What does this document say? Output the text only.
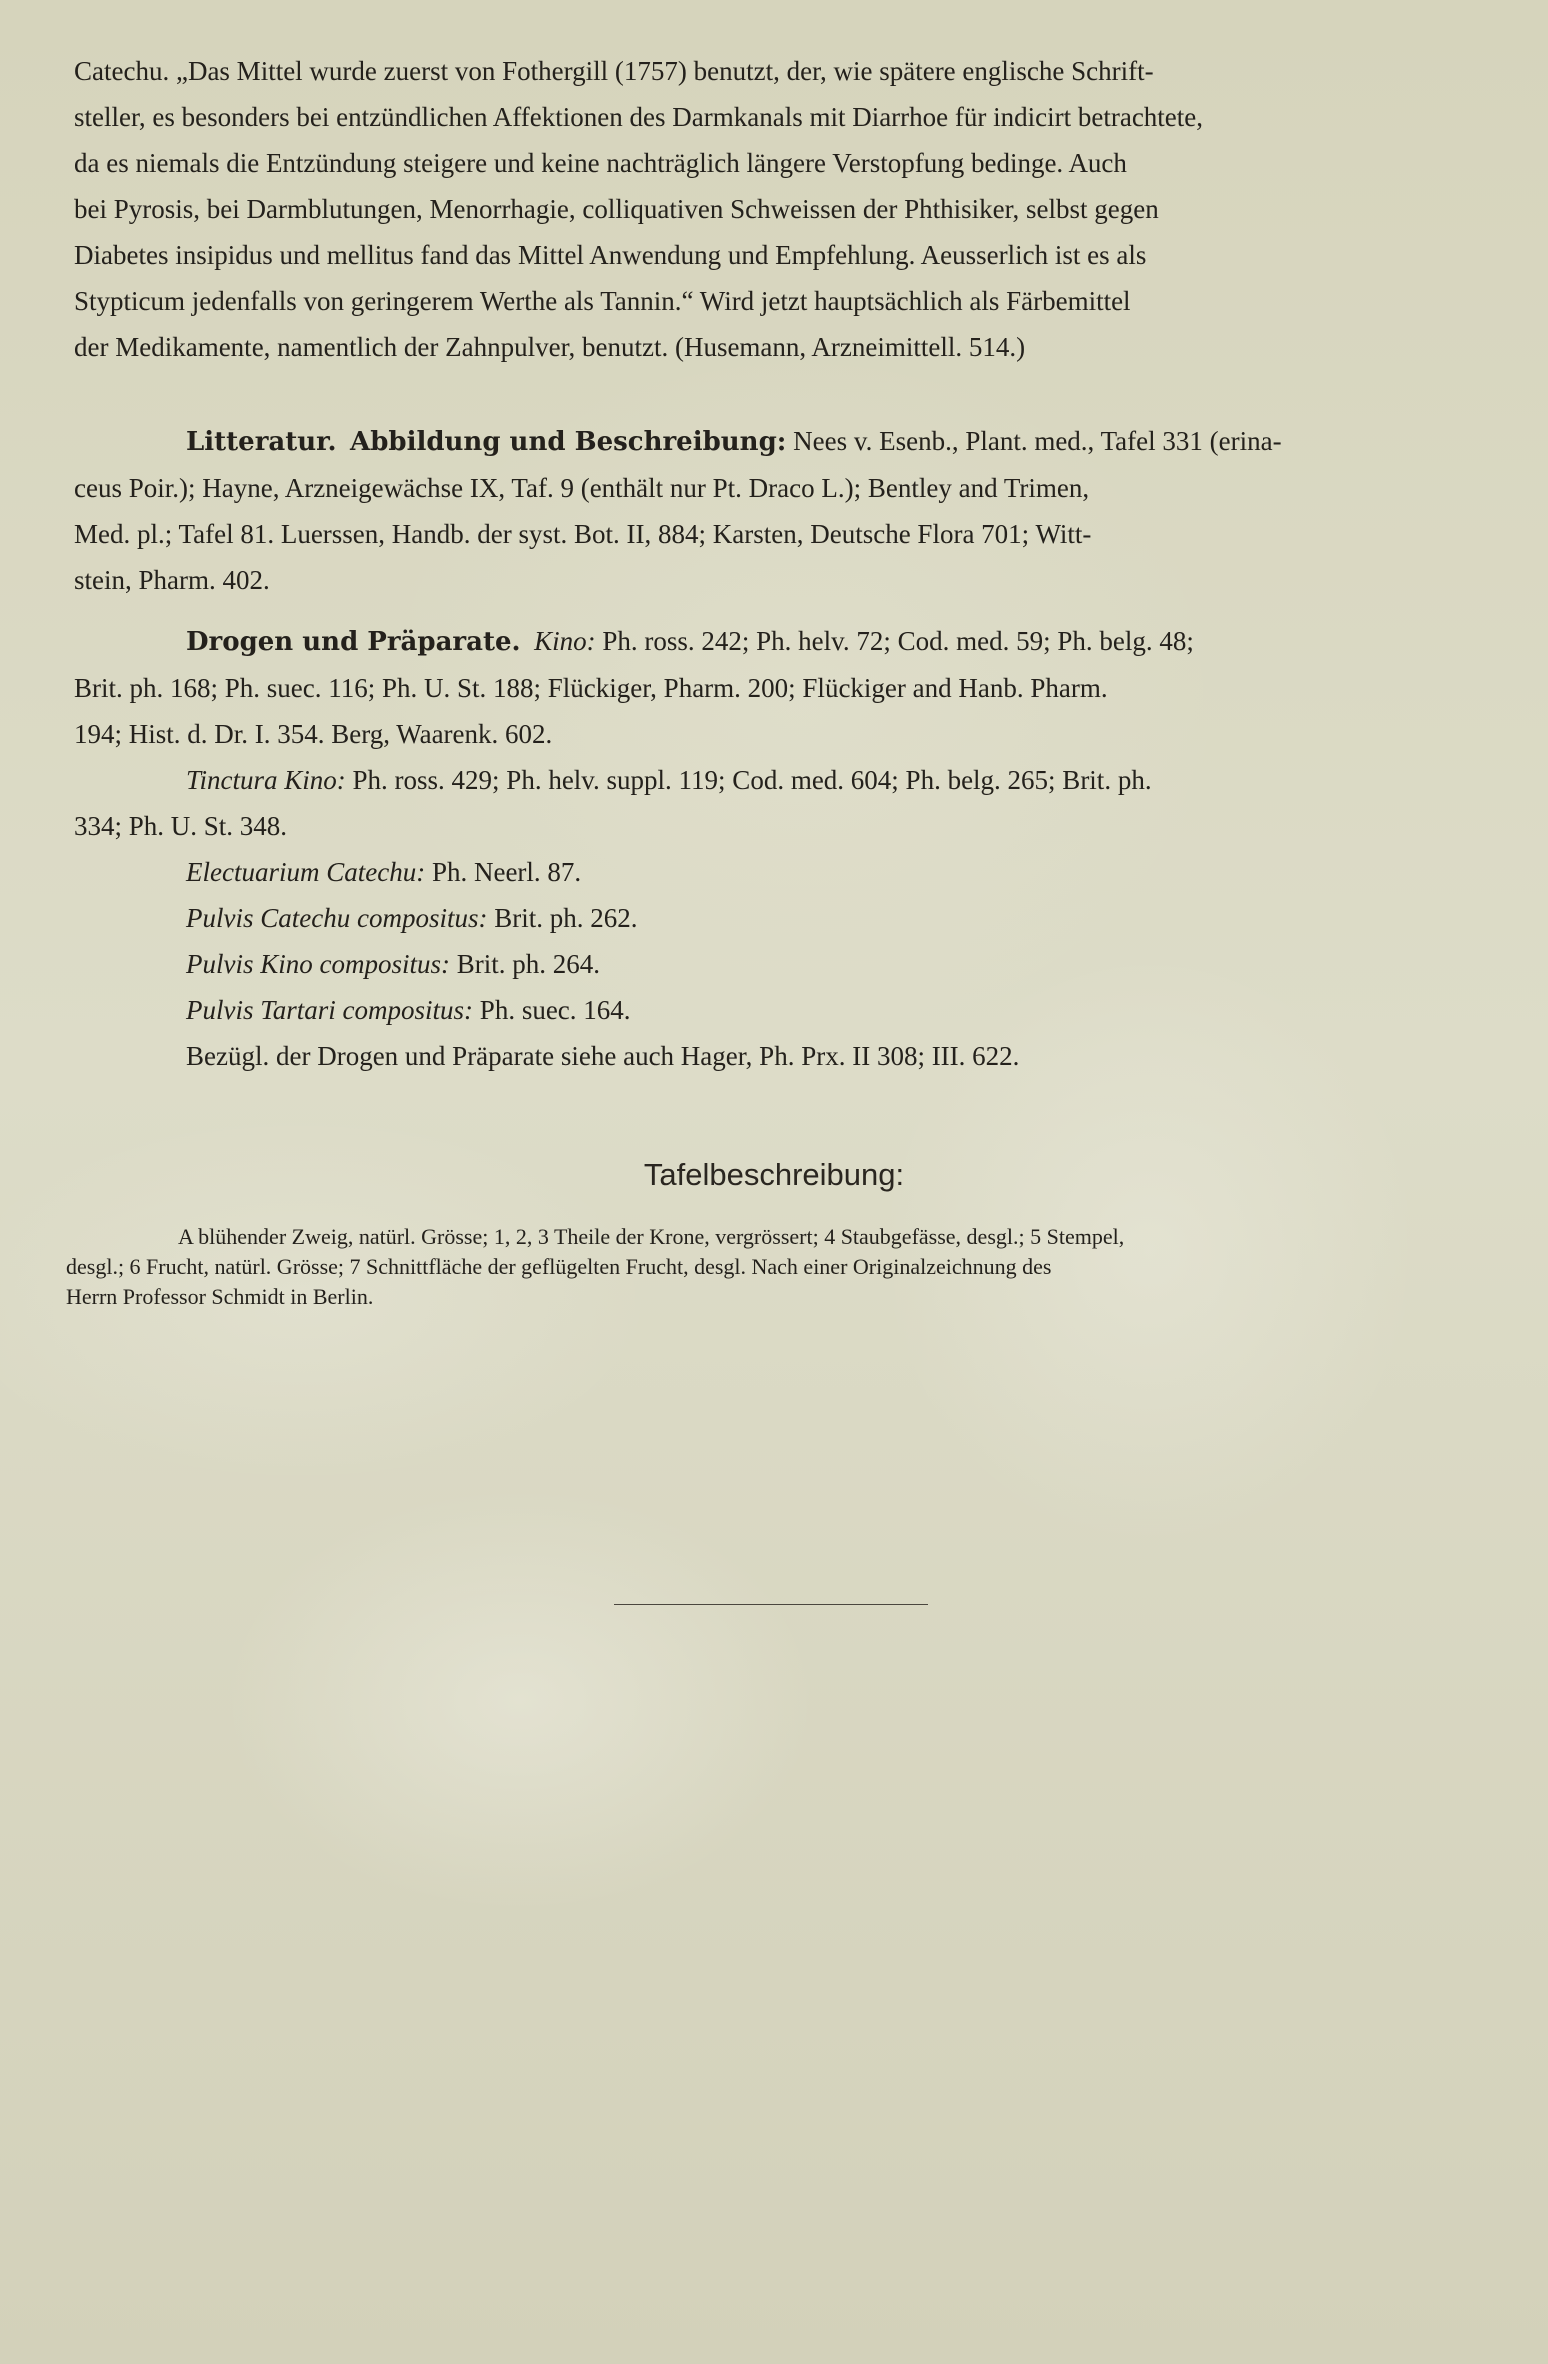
Catechu. „Das Mittel wurde zuerst von Fothergill (1757) benutzt, der, wie spätere englische Schrift-
steller, es besonders bei entzündlichen Affektionen des Darmkanals mit Diarrhoe für indicirt betrachtete,
da es niemals die Entzündung steigere und keine nachträglich längere Verstopfung bedinge. Auch
bei Pyrosis, bei Darmblutungen, Menorrhagie, colliquativen Schweissen der Phthisiker, selbst gegen
Diabetes insipidus und mellitus fand das Mittel Anwendung und Empfehlung. Aeusserlich ist es als
Stypticum jedenfalls von geringerem Werthe als Tannin.“ Wird jetzt hauptsächlich als Färbemittel
der Medikamente, namentlich der Zahnpulver, benutzt. (Husemann, Arzneimittell. 514.)
Litteratur. Abbildung und Beschreibung: Nees v. Esenb., Plant. med., Tafel 331 (erina-
ceus Poir.); Hayne, Arzneigewächse IX, Taf. 9 (enthält nur Pt. Draco L.); Bentley and Trimen,
Med. pl.; Tafel 81. Luerssen, Handb. der syst. Bot. II, 884; Karsten, Deutsche Flora 701; Witt-
stein, Pharm. 402.
Drogen und Präparate. Kino: Ph. ross. 242; Ph. helv. 72; Cod. med. 59; Ph. belg. 48;
Brit. ph. 168; Ph. suec. 116; Ph. U. St. 188; Flückiger, Pharm. 200; Flückiger and Hanb. Pharm.
194; Hist. d. Dr. I. 354. Berg, Waarenk. 602.
Tinctura Kino: Ph. ross. 429; Ph. helv. suppl. 119; Cod. med. 604; Ph. belg. 265; Brit. ph.
334; Ph. U. St. 348.
Electuarium Catechu: Ph. Neerl. 87.
Pulvis Catechu compositus: Brit. ph. 262.
Pulvis Kino compositus: Brit. ph. 264.
Pulvis Tartari compositus: Ph. suec. 164.
Bezügl. der Drogen und Präparate siehe auch Hager, Ph. Prx. II 308; III. 622.
Tafelbeschreibung:
A blühender Zweig, natürl. Grösse; 1, 2, 3 Theile der Krone, vergrössert; 4 Staubgefässe, desgl.; 5 Stempel,
desgl.; 6 Frucht, natürl. Grösse; 7 Schnittfläche der geflügelten Frucht, desgl. Nach einer Originalzeichnung des
Herrn Professor Schmidt in Berlin.
